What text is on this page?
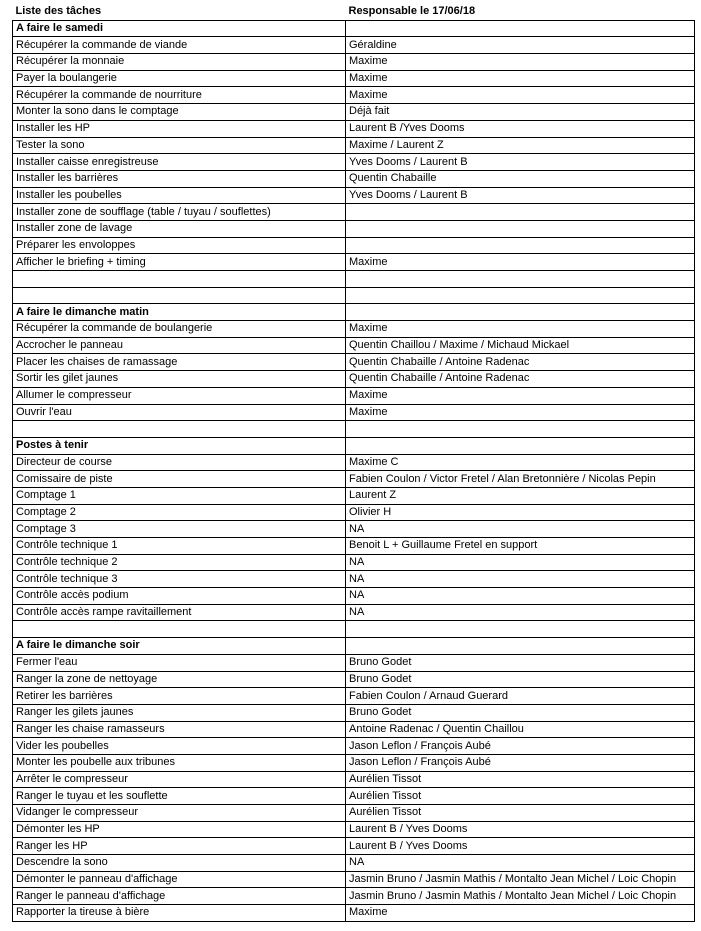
Liste des tâches	Responsable le 17/06/18
A faire le samedi	
Récupérer la commande de viande	Géraldine
Récupérer la monnaie	Maxime
Payer la boulangerie	Maxime
Récupérer la commande de nourriture	Maxime
Monter la sono dans le comptage	Déjà fait
Installer les HP	Laurent B /Yves Dooms
Tester la sono	Maxime / Laurent Z
Installer caisse enregistreuse	Yves Dooms / Laurent B
Installer les barrières	Quentin Chabaille
Installer les poubelles	Yves Dooms / Laurent B
Installer zone de soufflage (table / tuyau / souflettes)	
Installer zone de lavage	
Préparer les envoloppes	
Afficher le briefing + timing	Maxime

A faire le dimanche matin	
Récupérer la commande de boulangerie	Maxime
Accrocher le panneau	Quentin Chaillou / Maxime / Michaud Mickael
Placer les chaises de ramassage	Quentin Chabaille / Antoine Radenac
Sortir les gilet jaunes	Quentin Chabaille / Antoine Radenac
Allumer le compresseur	Maxime
Ouvrir l'eau	Maxime

Postes à tenir	
Directeur de course	Maxime C
Comissaire de piste	Fabien Coulon / Victor Fretel / Alan Bretonnière / Nicolas Pepin
Comptage 1	Laurent Z
Comptage 2	Olivier H
Comptage 3	NA
Contrôle technique 1	Benoit L + Guillaume Fretel en support
Contrôle technique 2	NA
Contrôle technique 3	NA
Contrôle accès podium	NA
Contrôle accès rampe ravitaillement	NA

A faire le dimanche soir	
Fermer l'eau	Bruno Godet
Ranger la zone de nettoyage	Bruno Godet
Retirer les barrières	Fabien Coulon / Arnaud Guerard
Ranger les gilets jaunes	Bruno Godet
Ranger les chaise ramasseurs	Antoine Radenac / Quentin Chaillou
Vider les poubelles	Jason Leflon / François Aubé
Monter les poubelle aux tribunes	Jason Leflon / François Aubé
Arrêter le compresseur	Aurélien Tissot
Ranger le tuyau et les souflette	Aurélien Tissot
Vidanger le compresseur	Aurélien Tissot
Démonter les HP	Laurent B / Yves Dooms
Ranger les HP	Laurent B / Yves Dooms
Descendre la sono	NA
Démonter le panneau d'affichage	Jasmin Bruno / Jasmin Mathis / Montalto Jean Michel / Loic Chopin
Ranger le panneau d'affichage	Jasmin Bruno / Jasmin Mathis / Montalto Jean Michel / Loic Chopin
Rapporter la tireuse à bière	Maxime
